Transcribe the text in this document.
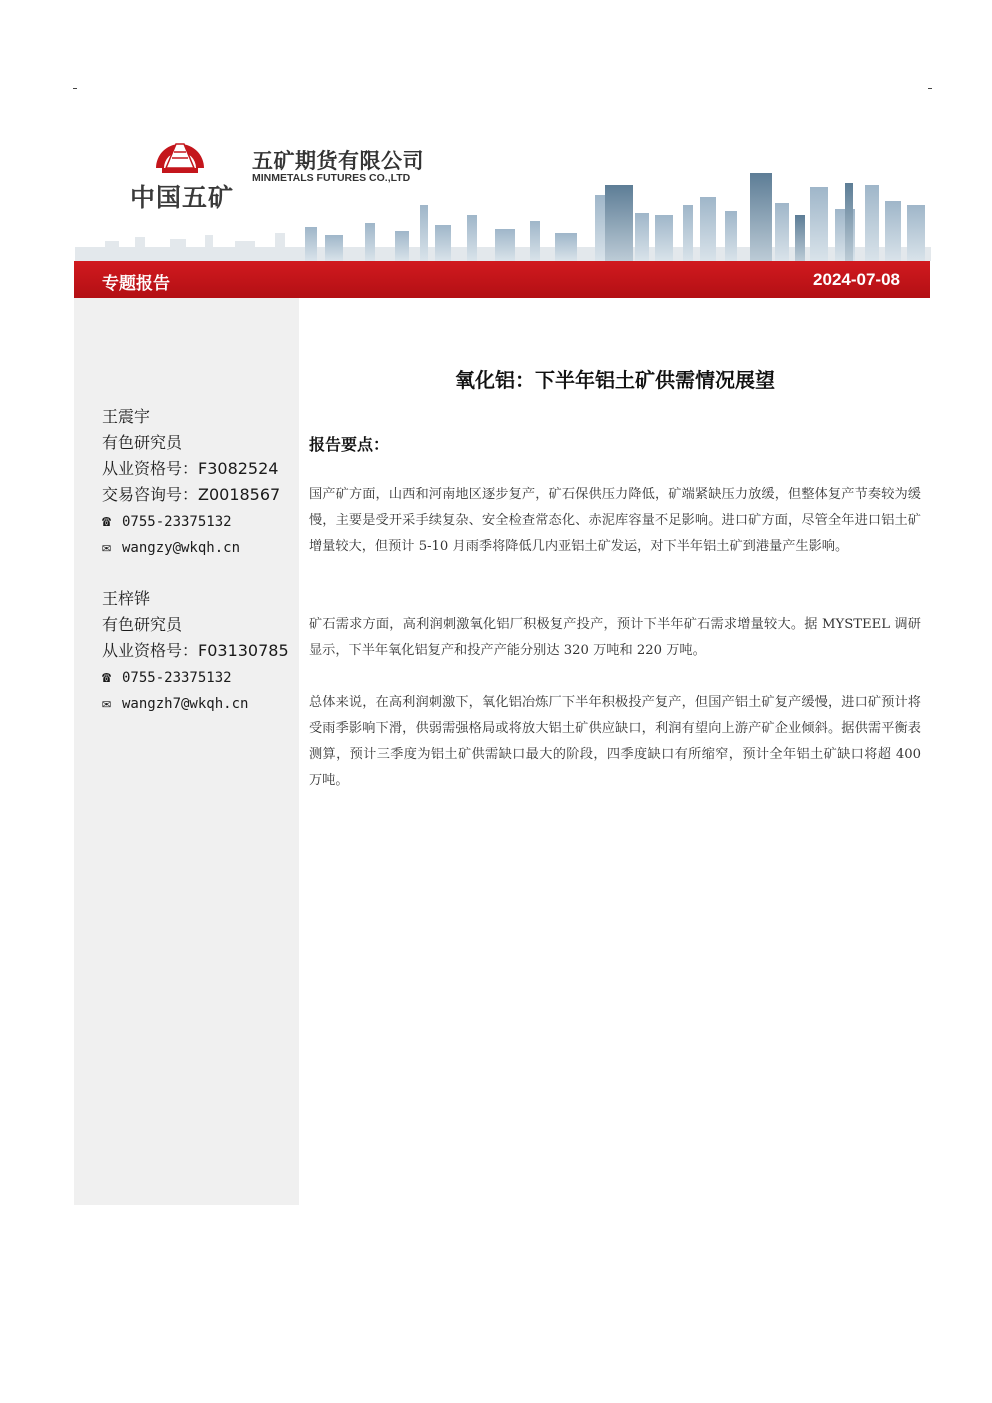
中国五矿
五矿期货有限公司
MINMETALS FUTURES CO.,LTD
专题报告	2024-07-08
王震宇
有色研究员
从业资格号：F3082524
交易咨询号：Z0018567
☎ 0755-23375132
✉ wangzy@wkqh.cn
王梓铧
有色研究员
从业资格号：F03130785
☎ 0755-23375132
✉ wangzh7@wkqh.cn
氧化铝：下半年铝土矿供需情况展望
报告要点：
国产矿方面，山西和河南地区逐步复产，矿石保供压力降低，矿端紧缺压力放缓，但整体复产节奏较为缓慢，主要是受开采手续复杂、安全检查常态化、赤泥库容量不足影响。进口矿方面，尽管全年进口铝土矿增量较大，但预计 5-10 月雨季将降低几内亚铝土矿发运，对下半年铝土矿到港量产生影响。
矿石需求方面，高利润刺激氧化铝厂积极复产投产，预计下半年矿石需求增量较大。据 MYSTEEL 调研显示，下半年氧化铝复产和投产产能分别达 320 万吨和 220 万吨。
总体来说，在高利润刺激下，氧化铝冶炼厂下半年积极投产复产，但国产铝土矿复产缓慢，进口矿预计将受雨季影响下滑，供弱需强格局或将放大铝土矿供应缺口，利润有望向上游产矿企业倾斜。据供需平衡表测算，预计三季度为铝土矿供需缺口最大的阶段，四季度缺口有所缩窄，预计全年铝土矿缺口将超 400 万吨。
